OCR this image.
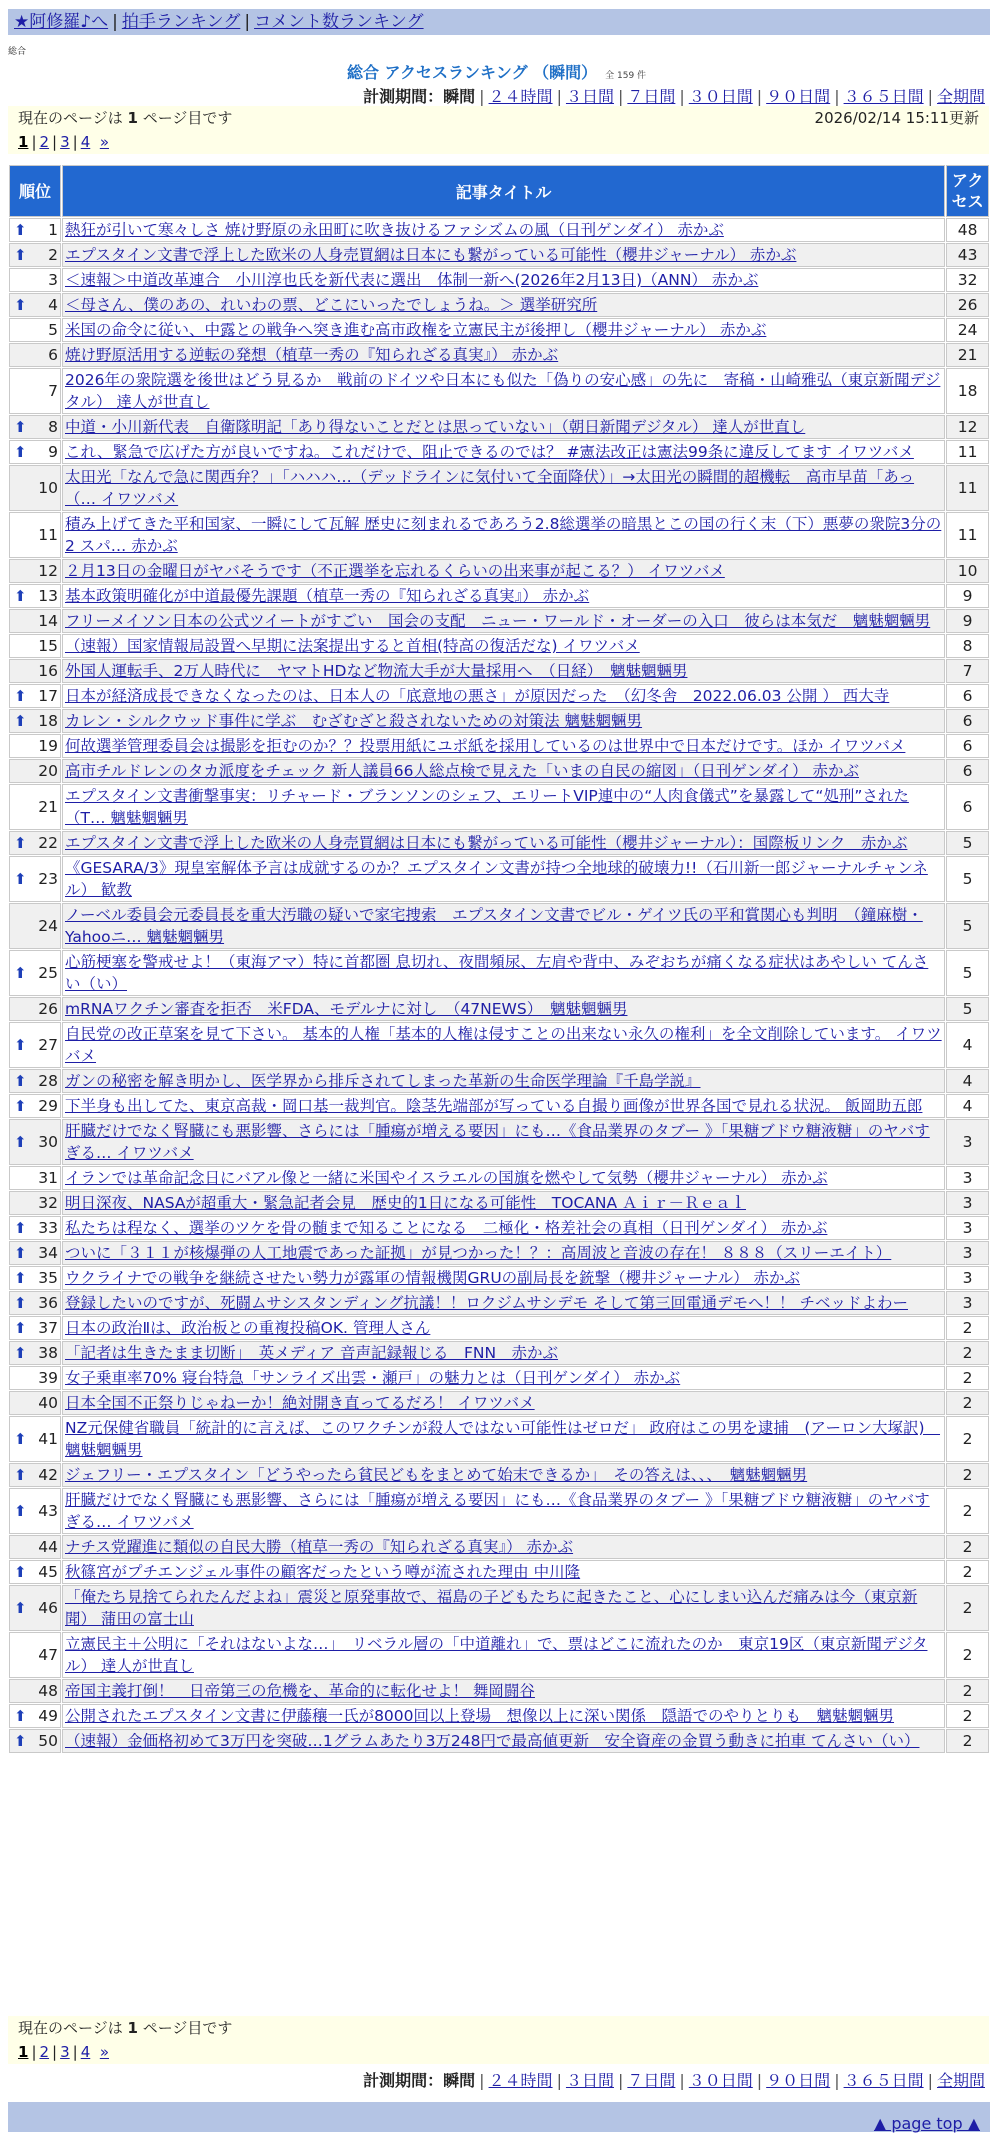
★阿修羅♪へ | 拍手ランキング | コメント数ランキング
総合
総合 アクセスランキング （瞬間） 全 159 件
計測期間：瞬間 | ２４時間 | ３日間 | ７日間 | ３０日間 | ９０日間 | ３６５日間 | 全期間
現在のページは 1 ページ目です	2026/02/14 15:11更新
1 | 2 | 3 | 4 »
順位	記事タイトル	アクセス

⬆ 1	熱狂が引いて寒々しさ 焼け野原の永田町に吹き抜けるファシズムの風（日刊ゲンダイ） 赤かぶ	48

⬆ 2	エプスタイン文書で浮上した欧米の人身売買網は日本にも繋がっている可能性（櫻井ジャーナル） 赤かぶ	43
3	＜速報＞中道改革連合　小川淳也氏を新代表に選出　体制一新へ(2026年2月13日)（ANN） 赤かぶ	32

⬆ 4	＜母さん、僕のあの、れいわの票、どこにいったでしょうね。＞ 選挙研究所	26
5	米国の命令に従い、中露との戦争へ突き進む高市政権を立憲民主が後押し（櫻井ジャーナル） 赤かぶ	24
6	焼け野原活用する逆転の発想（植草一秀の『知られざる真実』） 赤かぶ	21
7	2026年の衆院選を後世はどう見るか　戦前のドイツや日本にも似た「偽りの安心感」の先に　寄稿・山崎雅弘（東京新聞デジタル） 達人が世直し	18

⬆ 8	中道・小川新代表　自衛隊明記「あり得ないことだとは思っていない」（朝日新聞デジタル） 達人が世直し	12

⬆ 9	これ、緊急で広げた方が良いですね。これだけで、阻止できるのでは？ #憲法改正は憲法99条に違反してます イワツバメ	11
10	太田光「なんで急に関西弁？」「ハハハ…（デッドラインに気付いて全面降伏）」→太田光の瞬間的超機転　高市早苗「あっ（… イワツバメ	11
11	積み上げてきた平和国家、一瞬にして瓦解 歴史に刻まれるであろう2.8総選挙の暗黒とこの国の行く末（下）悪夢の衆院3分の2 スパ… 赤かぶ	11
12	２月13日の金曜日がヤバそうです（不正選挙を忘れるくらいの出来事が起こる？） イワツバメ	10

⬆ 13	基本政策明確化が中道最優先課題（植草一秀の『知られざる真実』） 赤かぶ	9
14	フリーメイソン日本の公式ツイートがすごい　国会の支配　ニュー・ワールド・オーダーの入口　彼らは本気だ　魑魅魍魎男	9
15	（速報）国家情報局設置へ早期に法案提出すると首相(特高の復活だな) イワツバメ	8
16	外国人運転手、2万人時代に　ヤマトHDなど物流大手が大量採用へ　（日経）　魑魅魍魎男	7

⬆ 17	日本が経済成長できなくなったのは、日本人の「底意地の悪さ」が原因だった　（幻冬舎　2022.06.03 公開 ） 西大寺	6

⬆ 18	カレン・シルクウッド事件に学ぶ　むざむざと殺されないための対策法 魑魅魍魎男	6
19	何故選挙管理委員会は撮影を拒むのか？？投票用紙にユポ紙を採用しているのは世界中で日本だけです。ほか イワツバメ	6
20	高市チルドレンのタカ派度をチェック 新人議員66人総点検で見えた「いまの自民の縮図」（日刊ゲンダイ） 赤かぶ	6
21	エプスタイン文書衝撃事実：リチャード・ブランソンのシェフ、エリートVIP連中の“人肉食儀式”を暴露して“処刑”された（T… 魑魅魍魎男	6

⬆ 22	エプスタイン文書で浮上した欧米の人身売買網は日本にも繋がっている可能性（櫻井ジャーナル）：国際板リンク　赤かぶ	5

⬆ 23	《GESARA/3》現皇室解体予言は成就するのか？エプスタイン文書が持つ全地球的破壊力!!（石川新一郎ジャーナルチャンネル） 歓教	5
24	ノーベル委員会元委員長を重大汚職の疑いで家宅捜索　エプスタイン文書でビル・ゲイツ氏の平和賞関心も判明　（鐘麻樹・Yahooニ… 魑魅魍魎男	5

⬆ 25	心筋梗塞を警戒せよ！（東海アマ）特に首都圏 息切れ、夜間頻尿、左肩や背中、みぞおちが痛くなる症状はあやしい てんさい（い）	5
26	mRNAワクチン審査を拒否　米FDA、モデルナに対し　（47NEWS）　魑魅魍魎男	5

⬆ 27	自民党の改正草案を見て下さい。 基本的人権「基本的人権は侵すことの出来ない永久の権利」を全文削除しています。 イワツバメ	4

⬆ 28	ガンの秘密を解き明かし、医学界から排斥されてしまった革新の生命医学理論『千島学説』	4

⬆ 29	下半身も出してた、東京高裁・岡口基一裁判官。陰茎先端部が写っている自撮り画像が世界各国で見れる状況。 飯岡助五郎	4

⬆ 30	肝臓だけでなく腎臓にも悪影響、さらには「腫瘍が増える要因」にも…《食品業界のタブー 》「果糖ブドウ糖液糖」のヤバすぎる… イワツバメ	3
31	イランでは革命記念日にバアル像と一緒に米国やイスラエルの国旗を燃やして気勢（櫻井ジャーナル） 赤かぶ	3
32	明日深夜、NASAが超重大・緊急記者会見　歴史的1日になる可能性　TOCANA Ａｉｒ－Ｒｅａｌ	3

⬆ 33	私たちは程なく、選挙のツケを骨の髄まで知ることになる　二極化・格差社会の真相（日刊ゲンダイ） 赤かぶ	3

⬆ 34	ついに「３１１が核爆弾の人工地震であった証拠」が見つかった！？：高周波と音波の存在！ ８８８（スリーエイト）	3

⬆ 35	ウクライナでの戦争を継続させたい勢力が露軍の情報機関GRUの副局長を銃撃（櫻井ジャーナル） 赤かぶ	3

⬆ 36	登録したいのですが、死闘ムサシスタンディング抗議！！ロクジムサシデモ そして第三回電通デモへ！！ チベッドよわー	3

⬆ 37	日本の政治Ⅱは、政治板との重複投稿OK. 管理人さん	2

⬆ 38	「記者は生きたまま切断」　英メディア 音声記録報じる　FNN　赤かぶ	2
39	女子乗車率70% 寝台特急「サンライズ出雲・瀬戸」の魅力とは（日刊ゲンダイ） 赤かぶ	2
40	日本全国不正祭りじゃねーか！絶対開き直ってるだろ！ イワツバメ	2

⬆ 41	NZ元保健省職員「統計的に言えば、このワクチンが殺人ではない可能性はゼロだ」 政府はこの男を逮捕　(アーロン大塚訳)　魑魅魍魎男	2

⬆ 42	ジェフリー・エプスタイン「どうやったら貧民どもをまとめて始末できるか」　その答えは、、、　魑魅魍魎男	2

⬆ 43	肝臓だけでなく腎臓にも悪影響、さらには「腫瘍が増える要因」にも…《食品業界のタブー 》「果糖ブドウ糖液糖」のヤバすぎる… イワツバメ	2
44	ナチス党躍進に類似の自民大勝（植草一秀の『知られざる真実』） 赤かぶ	2

⬆ 45	秋篠宮がプチエンジェル事件の顧客だったという噂が流された理由 中川隆	2

⬆ 46	「俺たち見捨てられたんだよね」震災と原発事故で、福島の子どもたちに起きたこと、心にしまい込んだ痛みは今（東京新聞） 蒲田の富士山	2
47	立憲民主＋公明に「それはないよな…」　リベラル層の「中道離れ」で、票はどこに流れたのか　東京19区（東京新聞デジタル） 達人が世直し	2
48	帝国主義打倒！　日帝第三の危機を、革命的に転化せよ！ 舞岡闘谷	2

⬆ 49	公開されたエプスタイン文書に伊藤穰一氏が8000回以上登場　想像以上に深い関係　隠語でのやりとりも　魑魅魍魎男	2

⬆ 50	（速報）金価格初めて3万円を突破…1グラムあたり3万248円で最高値更新　安全資産の金買う動きに拍車 てんさい（い）	2
現在のページは 1 ページ目です
1 | 2 | 3 | 4 »
計測期間：瞬間 | ２４時間 | ３日間 | ７日間 | ３０日間 | ９０日間 | ３６５日間 | 全期間
▲ page top ▲
